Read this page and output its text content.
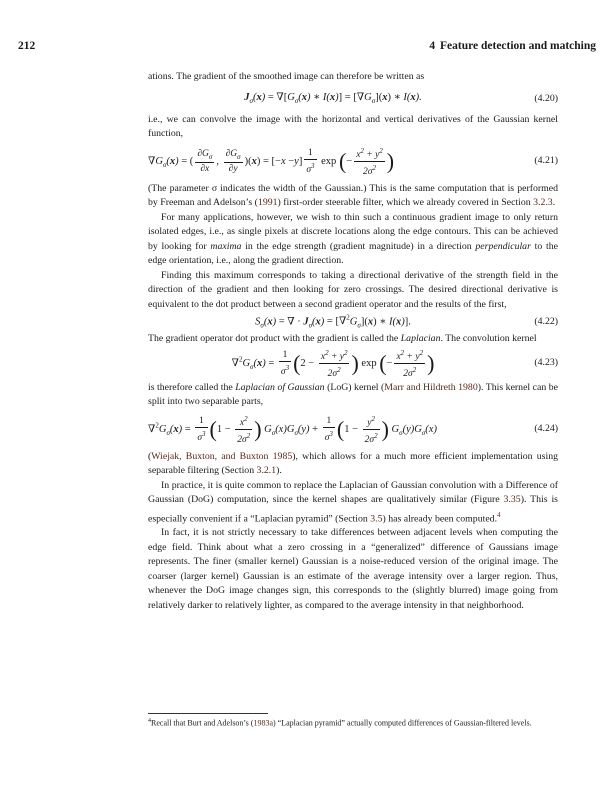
212	4 Feature detection and matching

ations. The gradient of the smoothed image can therefore be written as

$J_\sigma(x) = \nabla[G_\sigma(x)$ ∗ $I(x)] = [\nabla G_\sigma](x)$ ∗ I(x).	(4.20)

i.e., we can convolve the image with the horizontal and vertical derivatives of the Gaussian kernel function,

$\nabla G_\sigma(x)$ = ( $\frac{\partial G_\sigma}{\partial x}$ , $\frac{\partial G_\sigma}{\partial y} )(x) = [-x -y] \frac{1}{\sigma^3}$ exp (− $\frac{x^2 + y^2}{2\sigma^2}$ )	(4.21)

(The parameter σ indicates the width of the Gaussian.) This is the same computation that is performed by Freeman and Adelson’s (1991) first-order steerable filter, which we already covered in Section 3.2.3.

For many applications, however, we wish to thin such a continuous gradient image to only return isolated edges, i.e., as single pixels at discrete locations along the edge contours. This can be achieved by looking for maxima in the edge strength (gradient magnitude) in a direction perpendicular to the edge orientation, i.e., along the gradient direction.

Finding this maximum corresponds to taking a directional derivative of the strength field in the direction of the gradient and then looking for zero crossings. The desired directional derivative is equivalent to the dot product between a second gradient operator and the results of the first,

$S_\sigma(x)$ = ∇ · $J_\sigma(x) = [\nabla^2G_\sigma](x)$ ∗ I(x)].	(4.22)

The gradient operator dot product with the gradient is called the Laplacian. The convolution kernel

$\nabla^2G_\sigma(x) = \frac{1}{\sigma^3} (2 - \frac{x^2 + y^2}{2\sigma^2}$ ) exp (− $\frac{x^2 + y^2}{2\sigma^2}$ )	(4.23)

is therefore called the Laplacian of Gaussian (LoG) kernel (Marr and Hildreth 1980). This kernel can be split into two separable parts,

$\nabla^2G_\sigma(x) = \frac{1}{\sigma^3} (1 - \frac{x^2}{2\sigma^2}$ ) $G_\sigma(x)G_\sigma(y) + \frac{1}{\sigma^3} (1 - \frac{y^2}{2\sigma^2}$ ) $G_\sigma(y)G_\sigma(x)$	(4.24)

(Wiejak, Buxton, and Buxton 1985), which allows for a much more efficient implementation using separable filtering (Section 3.2.1).

In practice, it is quite common to replace the Laplacian of Gaussian convolution with a Difference of Gaussian (DoG) computation, since the kernel shapes are qualitatively similar (Figure 3.35). This is especially convenient if a “Laplacian pyramid” (Section 3.5) has already been computed.$^4$

In fact, it is not strictly necessary to take differences between adjacent levels when computing the edge field. Think about what a zero crossing in a “generalized” difference of Gaussians image represents. The finer (smaller kernel) Gaussian is a noise-reduced version of the original image. The coarser (larger kernel) Gaussian is an estimate of the average intensity over a larger region. Thus, whenever the DoG image changes sign, this corresponds to the (slightly blurred) image going from relatively darker to relatively lighter, as compared to the average intensity in that neighborhood.

$^4$Recall that Burt and Adelson’s (1983a) “Laplacian pyramid” actually computed differences of Gaussian-filtered levels.
